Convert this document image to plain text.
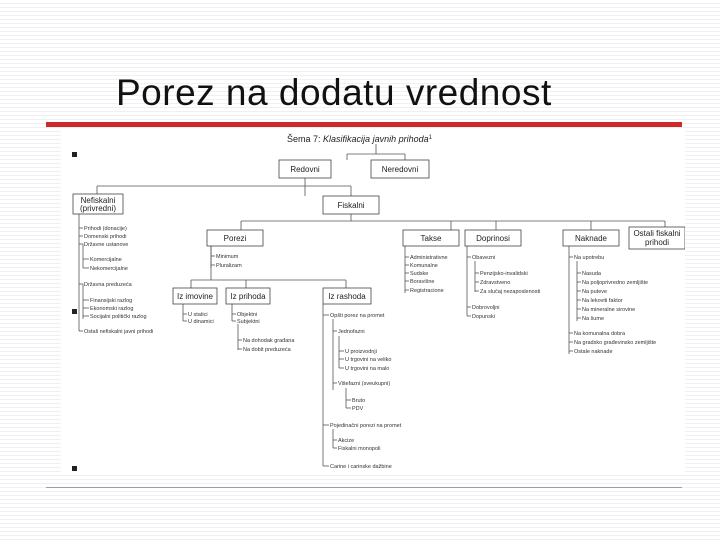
Porez na dodatu vrednost
Šema 7: Klasifikacija javnih prihoda$^1$
Redovni	Neredovni
Nefiskalni
(privredni)	Fiskalni
Porezi	Takse	Doprinosi	Naknade
Ostali fiskalni
prihodi
Iz imovine Iz prihoda	Iz rashoda
Prihodi (donacije)
Domenski prihodi
Državne ustanove
Komercijalne
Nekomercijalne
Državna preduzeća
Finansijski razlog
Ekonomski razlog
Socijalni politički razlog
Ostali nefiskalni javni prihodi
Minimum
Pluralizam
U statici
U dinamici
Objektni
Subjektni
Na dohodak građana
Na dobit preduzeća
Opšti porez na promet
Jednofazni
U proizvodnji
U trgovini na veliko
U trgovini na malo
Višefazni (sveukupni)
Bruto
PDV
Pojedinačni porezi na promet
Akcize
Fiskalni monopoli
Carine i carinske dažbine
Administrativne
Komunalne
Sudske
Boravišne
Registracione
Obavezni
Penzijsko-invalidski
Zdravstveno
Za slučaj nezaposlenosti
Dobrovoljni
Dopunski
Na upotrebu
Nasuda
Na poljoprivredno zemljište
Na puteve
Na lekoviti faktor
Na mineralne sirovine
Na šume
Na komunalna dobra
Na gradsko građevinsko zemljište
Ostale naknade
